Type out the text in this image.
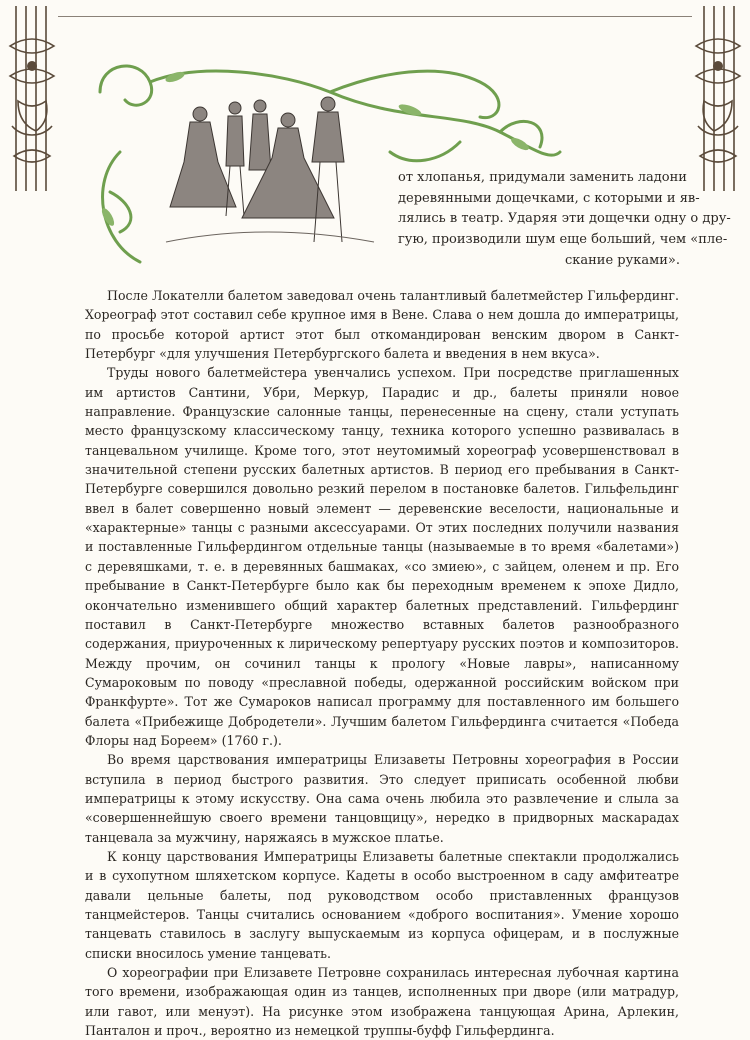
от хлопанья, придумали заменить ладони
деревянными дощечками, с которыми и яв-
лялись в театр. Ударяя эти дощечки одну о дру-
гую, производили шум еще больший, чем «пле-
скание руками».

После Локателли балетом заведовал очень талантливый балетмейстер Гильфердинг. Хореограф этот составил себе крупное имя в Вене. Слава о нем дошла до императрицы, по просьбе которой артист этот был откомандирован венским двором в Санкт-Петербург «для улучшения Петербургского балета и введения в нем вкуса».

Труды нового балетмейстера увенчались успехом. При посредстве приглашенных им артистов Сантини, Убри, Меркур, Парадис и др., балеты приняли новое направление. Французские салонные танцы, перенесенные на сцену, стали уступать место французскому классическому танцу, техника которого успешно развивалась в танцевальном училище. Кроме того, этот неутомимый хореограф усовершенствовал в значительной степени русских балетных артистов. В период его пребывания в Санкт-Петербурге совершился довольно резкий перелом в постановке балетов. Гильфельдинг ввел в балет совершенно новый элемент — деревенские веселости, национальные и «характерные» танцы с разными аксессуарами. От этих последних получили названия и поставленные Гильфердингом отдельные танцы (называемые в то время «балетами») с деревяшками, т. е. в деревянных башмаках, «со змиею», с зайцем, оленем и пр. Его пребывание в Санкт-Петербурге было как бы переходным временем к эпохе Дидло, окончательно изменившего общий характер балетных представлений. Гильфердинг поставил в Санкт-Петербурге множество вставных балетов разнообразного содержания, приуроченных к лирическому репертуару русских поэтов и композиторов. Между прочим, он сочинил танцы к прологу «Новые лавры», написанному Сумароковым по поводу «преславной победы, одержанной российским войском при Франкфурте». Тот же Сумароков написал программу для поставленного им большего балета «Прибежище Добродетели». Лучшим балетом Гильфердинга считается «Победа Флоры над Бореем» (1760 г.).

Во время царствования императрицы Елизаветы Петровны хореография в России вступила в период быстрого развития. Это следует приписать особенной любви императрицы к этому искусству. Она сама очень любила это развлечение и слыла за «совершеннейшую своего времени танцовщицу», нередко в придворных маскарадах танцевала за мужчину, наряжаясь в мужское платье.

К концу царствования Императрицы Елизаветы балетные спектакли продолжались и в сухопутном шляхетском корпусе. Кадеты в особо выстроенном в саду амфитеатре давали цельные балеты, под руководством особо приставленных французов танцмейстеров. Танцы считались основанием «доброго воспитания». Умение хорошо танцевать ставилось в заслугу выпускаемым из корпуса офицерам, и в послужные списки вносилось умение танцевать.

О хореографии при Елизавете Петровне сохранилась интересная лубочная картина того времени, изображающая один из танцев, исполненных при дворе (или матрадур, или гавот, или менуэт). На рисунке этом изображена танцующая Арина, Арлекин, Панталон и проч., вероятно из немецкой труппы-буфф Гильфердинга.
